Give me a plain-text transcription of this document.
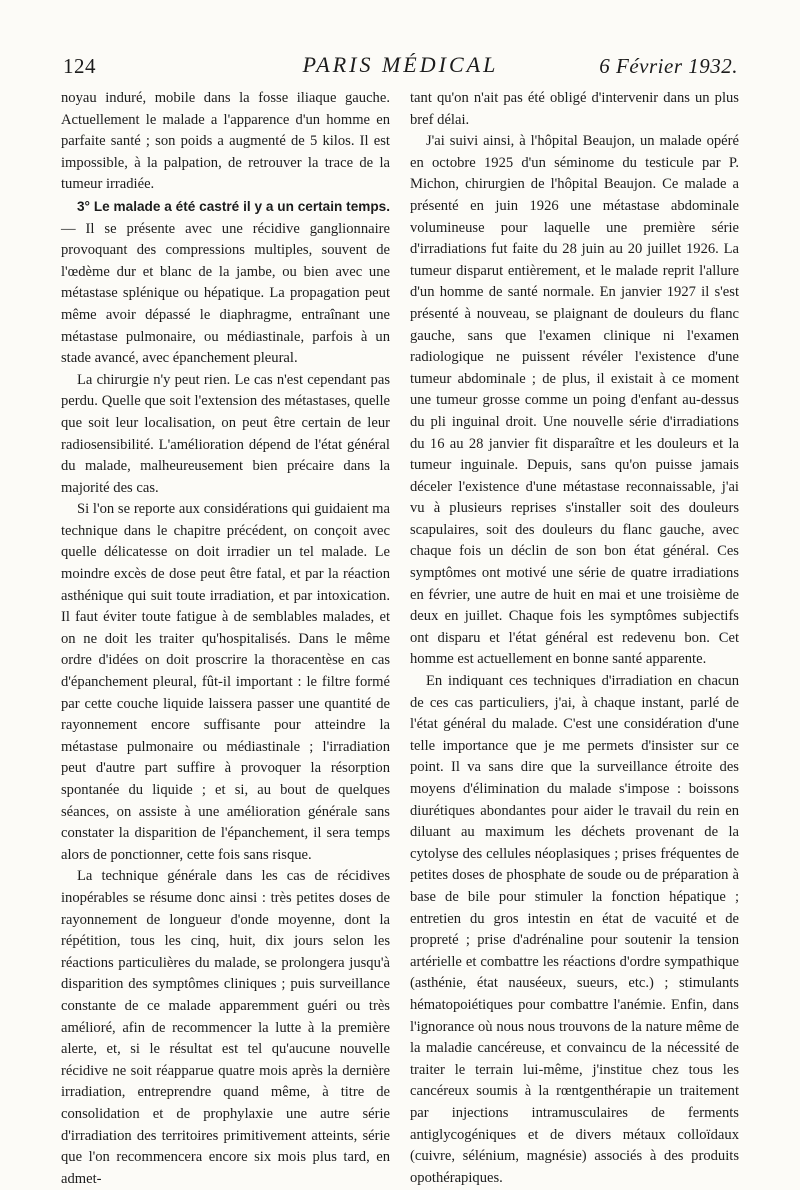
124	PARIS MÉDICAL	6 Février 1932.

noyau induré, mobile dans la fosse iliaque gauche. Actuellement le malade a l'apparence d'un homme en parfaite santé ; son poids a augmenté de 5 kilos. Il est impossible, à la palpation, de retrouver la trace de la tumeur irradiée.

3° Le malade a été castré il y a un certain temps.— Il se présente avec une récidive ganglionnaire provoquant des compressions multiples, souvent de l'œdème dur et blanc de la jambe, ou bien avec une métastase splénique ou hépatique. La propagation peut même avoir dépassé le diaphragme, entraînant une métastase pulmonaire, ou médiastinale, parfois à un stade avancé, avec épanchement pleural.

La chirurgie n'y peut rien. Le cas n'est cependant pas perdu. Quelle que soit l'extension des métastases, quelle que soit leur localisation, on peut être certain de leur radiosensibilité. L'amélioration dépend de l'état général du malade, malheureusement bien précaire dans la majorité des cas.

Si l'on se reporte aux considérations qui guidaient ma technique dans le chapitre précédent, on conçoit avec quelle délicatesse on doit irradier un tel malade. Le moindre excès de dose peut être fatal, et par la réaction asthénique qui suit toute irradiation, et par intoxication. Il faut éviter toute fatigue à de semblables malades, et on ne doit les traiter qu'hospitalisés. Dans le même ordre d'idées on doit proscrire la thoracentèse en cas d'épanchement pleural, fût-il important : le filtre formé par cette couche liquide laissera passer une quantité de rayonnement encore suffisante pour atteindre la métastase pulmonaire ou médiastinale ; l'irradiation peut d'autre part suffire à provoquer la résorption spontanée du liquide ; et si, au bout de quelques séances, on assiste à une amélioration générale sans constater la disparition de l'épanchement, il sera temps alors de ponctionner, cette fois sans risque.

La technique générale dans les cas de récidives inopérables se résume donc ainsi : très petites doses de rayonnement de longueur d'onde moyenne, dont la répétition, tous les cinq, huit, dix jours selon les réactions particulières du malade, se prolongera jusqu'à disparition des symptômes cliniques ; puis surveillance constante de ce malade apparemment guéri ou très amélioré, afin de recommencer la lutte à la première alerte, et, si le résultat est tel qu'aucune nouvelle récidive ne soit réapparue quatre mois après la dernière irradiation, entreprendre quand même, à titre de consolidation et de prophylaxie une autre série d'irradiation des territoires primitivement atteints, série que l'on recommencera encore six mois plus tard, en admet-

tant qu'on n'ait pas été obligé d'intervenir dans un plus bref délai.

J'ai suivi ainsi, à l'hôpital Beaujon, un malade opéré en octobre 1925 d'un séminome du testicule par P. Michon, chirurgien de l'hôpital Beaujon. Ce malade a présenté en juin 1926 une métastase abdominale volumineuse pour laquelle une première série d'irradiations fut faite du 28 juin au 20 juillet 1926. La tumeur disparut entièrement, et le malade reprit l'allure d'un homme de santé normale. En janvier 1927 il s'est présenté à nouveau, se plaignant de douleurs du flanc gauche, sans que l'examen clinique ni l'examen radiologique ne puissent révéler l'existence d'une tumeur abdominale ; de plus, il existait à ce moment une tumeur grosse comme un poing d'enfant au-dessus du pli inguinal droit. Une nouvelle série d'irradiations du 16 au 28 janvier fit disparaître et les douleurs et la tumeur inguinale. Depuis, sans qu'on puisse jamais déceler l'existence d'une métastase reconnaissable, j'ai vu à plusieurs reprises s'installer soit des douleurs scapulaires, soit des douleurs du flanc gauche, avec chaque fois un déclin de son bon état général. Ces symptômes ont motivé une série de quatre irradiations en février, une autre de huit en mai et une troisième de deux en juillet. Chaque fois les symptômes subjectifs ont disparu et l'état général est redevenu bon. Cet homme est actuellement en bonne santé apparente.

En indiquant ces techniques d'irradiation en chacun de ces cas particuliers, j'ai, à chaque instant, parlé de l'état général du malade. C'est une considération d'une telle importance que je me permets d'insister sur ce point. Il va sans dire que la surveillance étroite des moyens d'élimination du malade s'impose : boissons diurétiques abondantes pour aider le travail du rein en diluant au maximum les déchets provenant de la cytolyse des cellules néoplasiques ; prises fréquentes de petites doses de phosphate de soude ou de préparation à base de bile pour stimuler la fonction hépatique ; entretien du gros intestin en état de vacuité et de propreté ; prise d'adrénaline pour soutenir la tension artérielle et combattre les réactions d'ordre sympathique (asthénie, état nauséeux, sueurs, etc.) ; stimulants hématopoiétiques pour combattre l'anémie. Enfin, dans l'ignorance où nous nous trouvons de la nature même de la maladie cancéreuse, et convaincu de la nécessité de traiter le terrain lui-même, j'institue chez tous les cancéreux soumis à la rœntgenthérapie un traitement par injections intramusculaires de ferments antiglycogéniques et de divers métaux colloïdaux (cuivre, sélénium, magnésie) associés à des produits opothérapiques.
